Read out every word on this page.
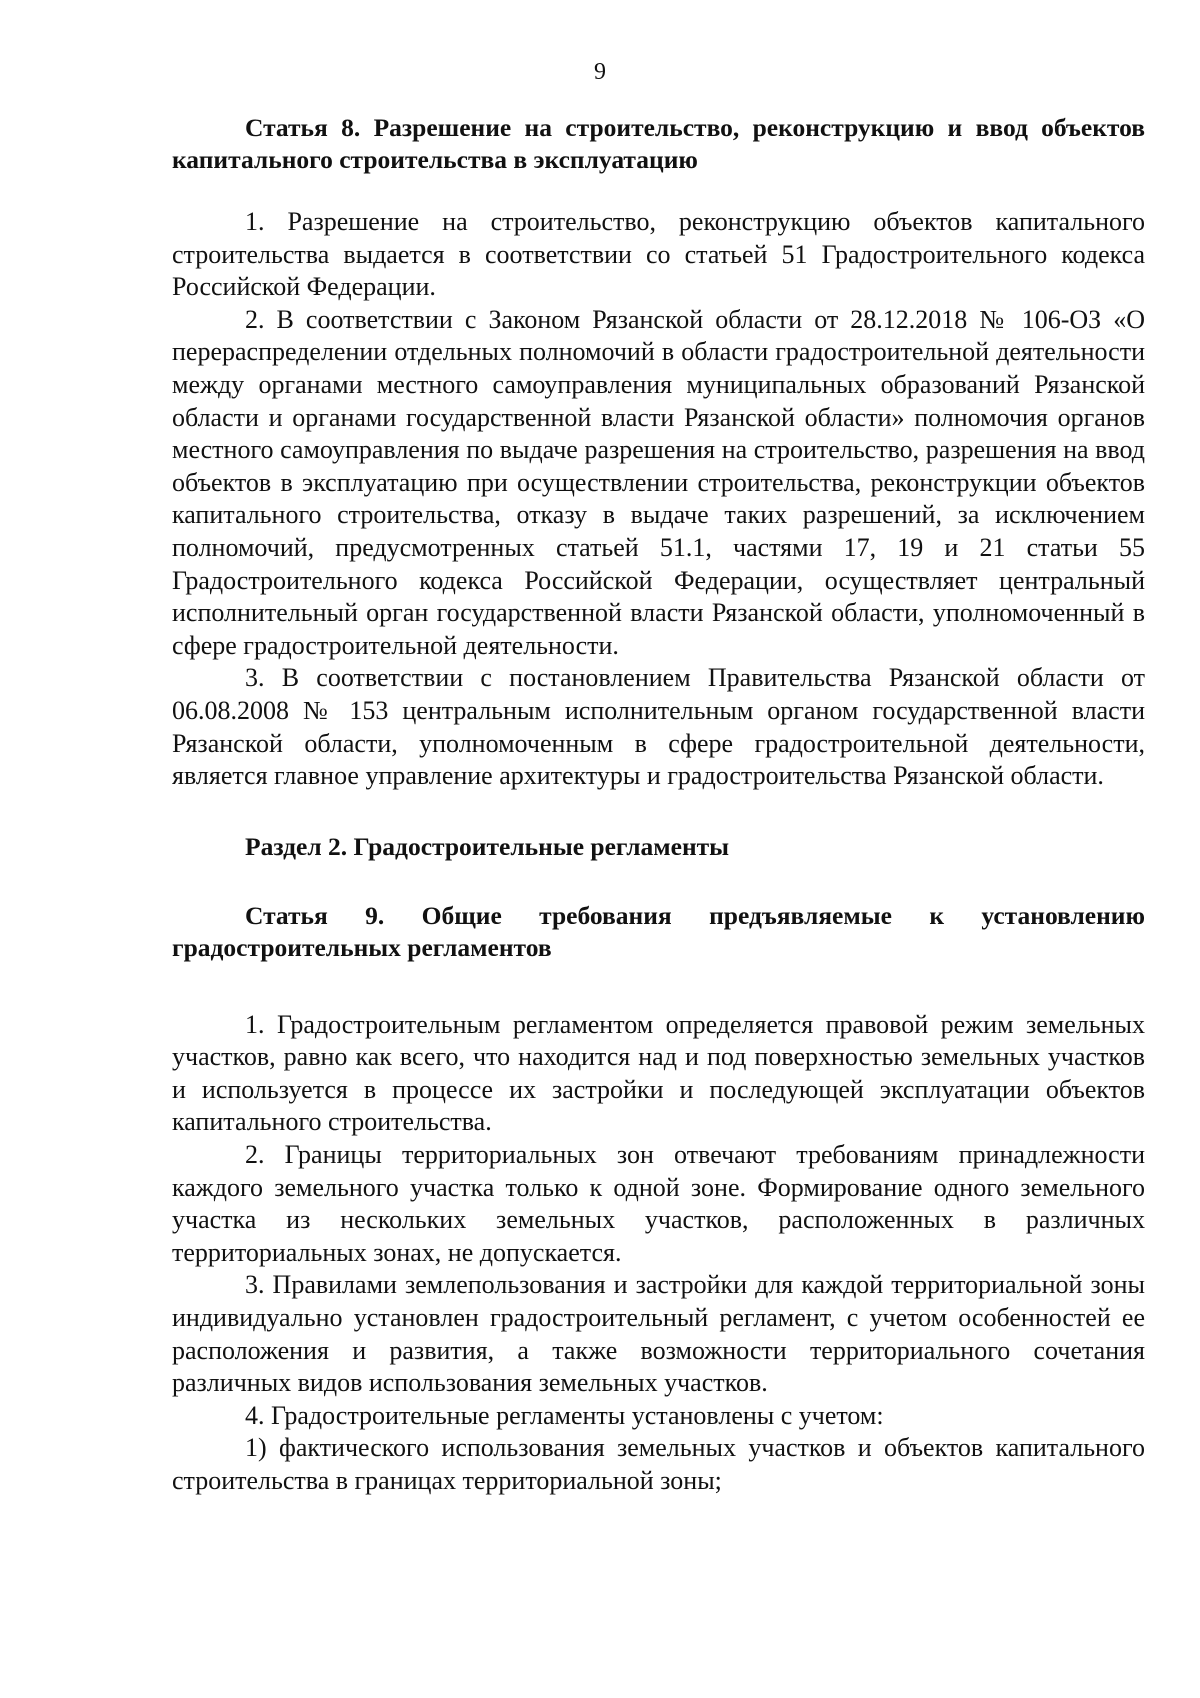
9

Статья 8. Разрешение на строительство, реконструкцию и ввод объектов капитального строительства в эксплуатацию

1. Разрешение на строительство, реконструкцию объектов капитального строительства выдается в соответствии со статьей 51 Градостроительного кодекса Российской Федерации.

2. В соответствии с Законом Рязанской области от 28.12.2018 № 106-ОЗ «О перераспределении отдельных полномочий в области градостроительной деятельности между органами местного самоуправления муниципальных образований Рязанской области и органами государственной власти Рязанской области» полномочия органов местного самоуправления по выдаче разрешения на строительство, разрешения на ввод объектов в эксплуатацию при осуществлении строительства, реконструкции объектов капитального строительства, отказу в выдаче таких разрешений, за исключением полномочий, предусмотренных статьей 51.1, частями 17, 19 и 21 статьи 55 Градостроительного кодекса Российской Федерации, осуществляет центральный исполнительный орган государственной власти Рязанской области, уполномоченный в сфере градостроительной деятельности.

3. В соответствии с постановлением Правительства Рязанской области от 06.08.2008 № 153 центральным исполнительным органом государственной власти Рязанской области, уполномоченным в сфере градостроительной деятельности, является главное управление архитектуры и градостроительства Рязанской области.

Раздел 2. Градостроительные регламенты

Статья 9. Общие требования предъявляемые к установлению градостроительных регламентов

1. Градостроительным регламентом определяется правовой режим земельных участков, равно как всего, что находится над и под поверхностью земельных участков и используется в процессе их застройки и последующей эксплуатации объектов капитального строительства.

2. Границы территориальных зон отвечают требованиям принадлежности каждого земельного участка только к одной зоне. Формирование одного земельного участка из нескольких земельных участков, расположенных в различных территориальных зонах, не допускается.

3. Правилами землепользования и застройки для каждой территориальной зоны индивидуально установлен градостроительный регламент, с учетом особенностей ее расположения и развития, а также возможности территориального сочетания различных видов использования земельных участков.

4. Градостроительные регламенты установлены с учетом:

1) фактического использования земельных участков и объектов капитального строительства в границах территориальной зоны;
